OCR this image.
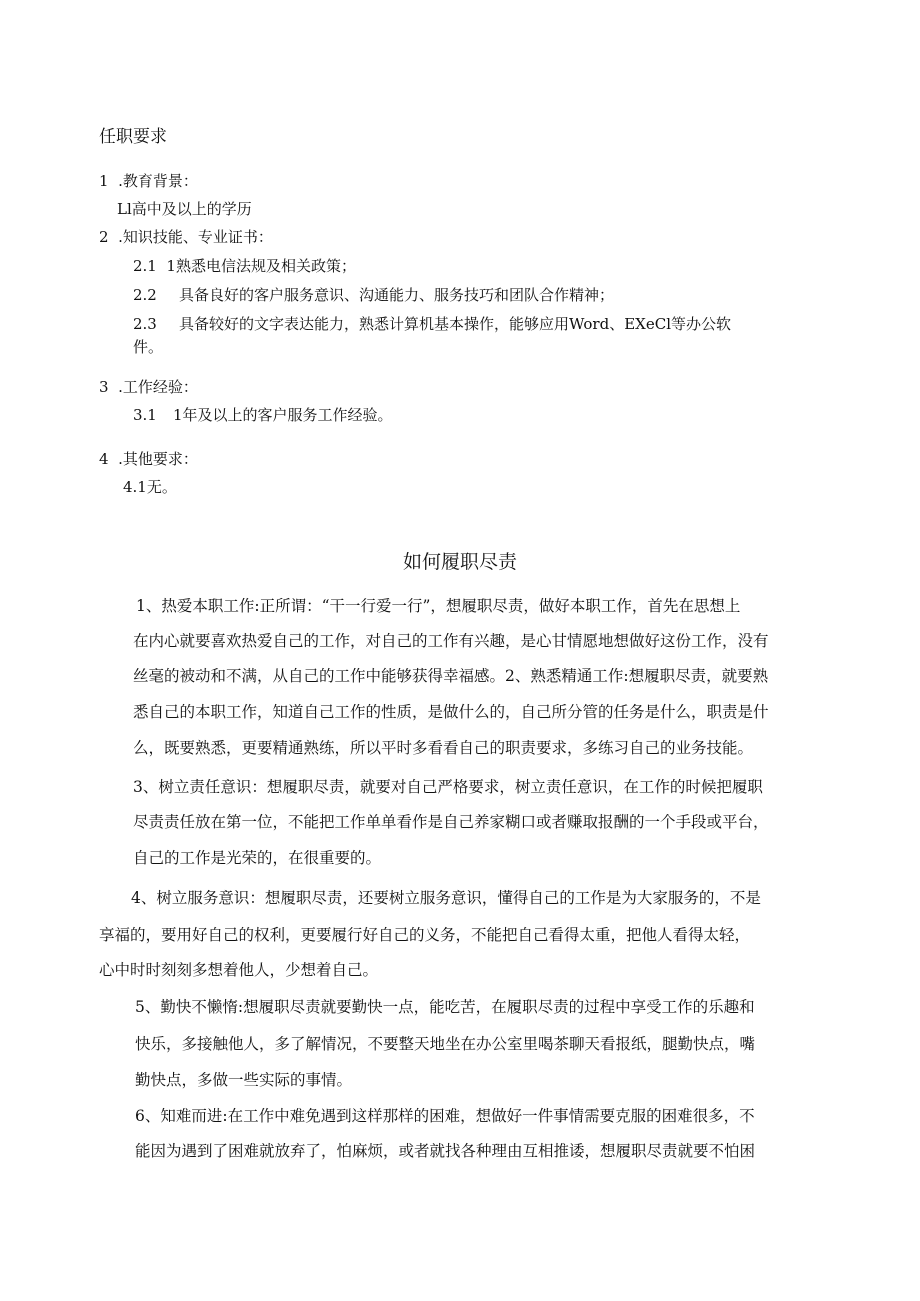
任职要求
1 .教育背景：
Ll高中及以上的学历
2 .知识技能、专业证书：
2.1 1熟悉电信法规及相关政策；
2.2 具备良好的客户服务意识、沟通能力、服务技巧和团队合作精神；
2.3 具备较好的文字表达能力，熟悉计算机基本操作，能够应用Word、EXeCl等办公软
件。
3 .工作经验：
3.1 1年及以上的客户服务工作经验。
4 .其他要求：
4.1无。
如何履职尽责
1、热爱本职工作:正所谓：“干一行爱一行”，想履职尽责，做好本职工作，首先在思想上
在内心就要喜欢热爱自己的工作，对自己的工作有兴趣，是心甘情愿地想做好这份工作，没有
丝毫的被动和不满，从自己的工作中能够获得幸福感。2、熟悉精通工作:想履职尽责，就要熟
悉自己的本职工作，知道自己工作的性质，是做什么的，自己所分管的任务是什么，职责是什
么，既要熟悉，更要精通熟练，所以平时多看看自己的职责要求，多练习自己的业务技能。
3、树立责任意识：想履职尽责，就要对自己严格要求，树立责任意识，在工作的时候把履职
尽责责任放在第一位，不能把工作单单看作是自己养家糊口或者赚取报酬的一个手段或平台，
自己的工作是光荣的，在很重要的。
4、树立服务意识：想履职尽责，还要树立服务意识，懂得自己的工作是为大家服务的，不是
享福的，要用好自己的权利，更要履行好自己的义务，不能把自己看得太重，把他人看得太轻，
心中时时刻刻多想着他人，少想着自己。
5、勤快不懒惰:想履职尽责就要勤快一点，能吃苦，在履职尽责的过程中享受工作的乐趣和
快乐，多接触他人，多了解情况，不要整天地坐在办公室里喝茶聊天看报纸，腿勤快点，嘴
勤快点，多做一些实际的事情。
6、知难而进:在工作中难免遇到这样那样的困难，想做好一件事情需要克服的困难很多，不
能因为遇到了困难就放弃了，怕麻烦，或者就找各种理由互相推诿，想履职尽责就要不怕困
